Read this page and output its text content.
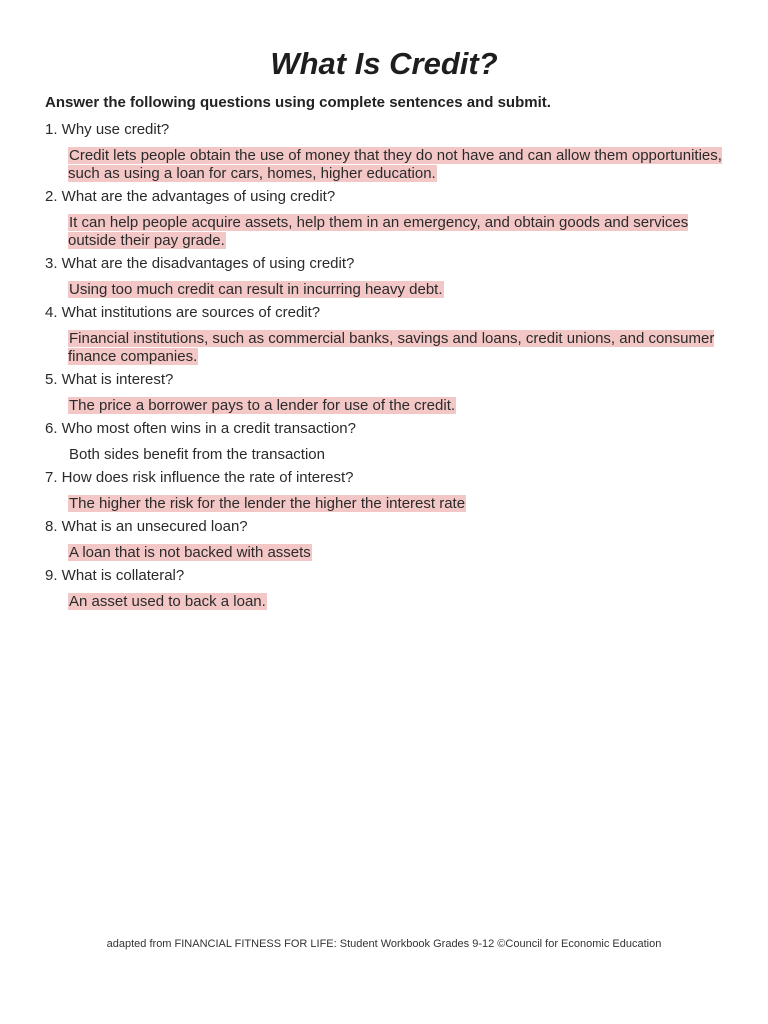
What Is Credit?

Answer the following questions using complete sentences and submit.

1. Why use credit?

Credit lets people obtain the use of money that they do not have and can allow them opportunities, such as using a loan for cars, homes, higher education.

2. What are the advantages of using credit?

It can help people acquire assets, help them in an emergency, and obtain goods and services outside their pay grade.

3. What are the disadvantages of using credit?

Using too much credit can result in incurring heavy debt.

4. What institutions are sources of credit?

Financial institutions, such as commercial banks, savings and loans, credit unions, and consumer finance companies.

5. What is interest?

The price a borrower pays to a lender for use of the credit.

6. Who most often wins in a credit transaction?

Both sides benefit from the transaction

7. How does risk influence the rate of interest?

The higher the risk for the lender the higher the interest rate

8. What is an unsecured loan?

A loan that is not backed with assets

9. What is collateral?

An asset used to back a loan.

adapted from FINANCIAL FITNESS FOR LIFE: Student Workbook Grades 9-12 ©Council for Economic Education
